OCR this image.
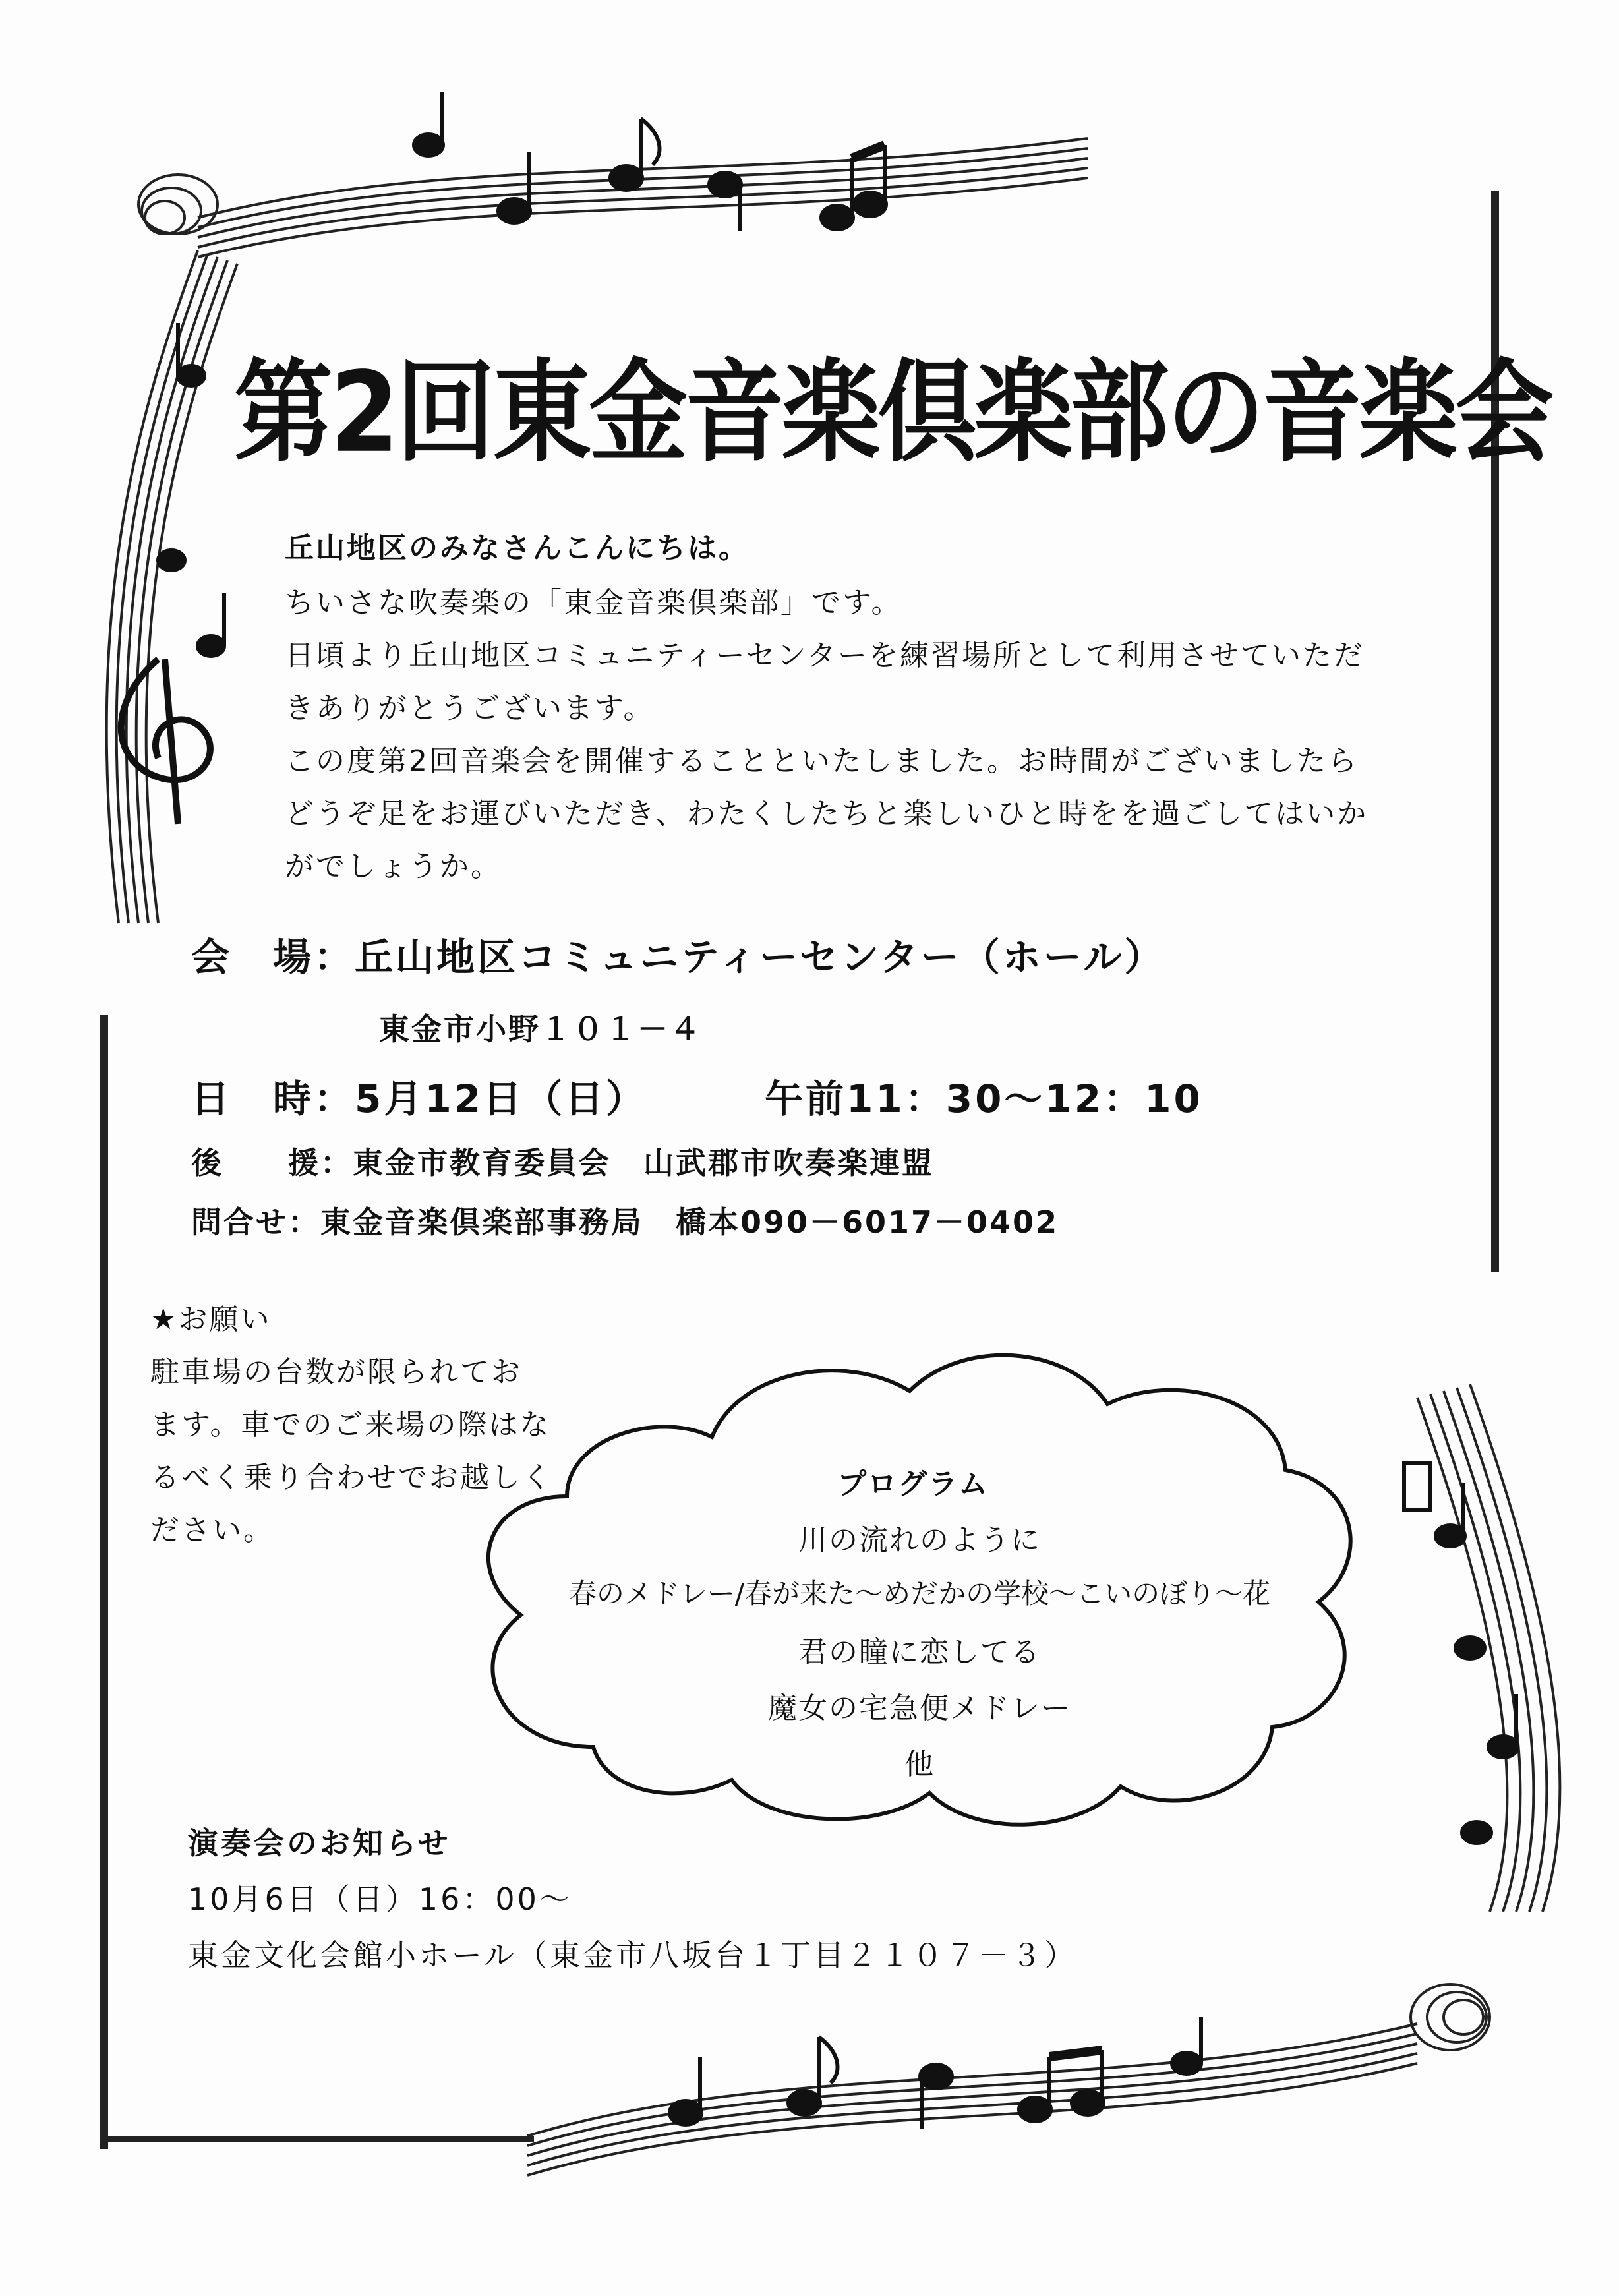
第2回東金音楽倶楽部の音楽会
丘山地区のみなさんこんにちは。
ちいさな吹奏楽の「東金音楽倶楽部」です。
日頃より丘山地区コミュニティーセンターを練習場所として利用させていただ
きありがとうございます。
この度第2回音楽会を開催することといたしました。お時間がございましたら
どうぞ足をお運びいただき、わたくしたちと楽しいひと時をを過ごしてはいか
がでしょうか。
会　場：丘山地区コミュニティーセンター（ホール）
東金市小野１０１－４
日　時：5月12日（日）	午前11：30～12：10
後　　援：東金市教育委員会　山武郡市吹奏楽連盟
問合せ：東金音楽倶楽部事務局　橋本090－6017－0402
★お願い
駐車場の台数が限られてお
ます。車でのご来場の際はな
るべく乗り合わせでお越しく
ださい。
プログラム
川の流れのように
春のメドレー/春が来た～めだかの学校～こいのぼり～花
君の瞳に恋してる
魔女の宅急便メドレー
他
演奏会のお知らせ
10月6日（日）16：00～
東金文化会館小ホール（東金市八坂台１丁目２１０７－３）
